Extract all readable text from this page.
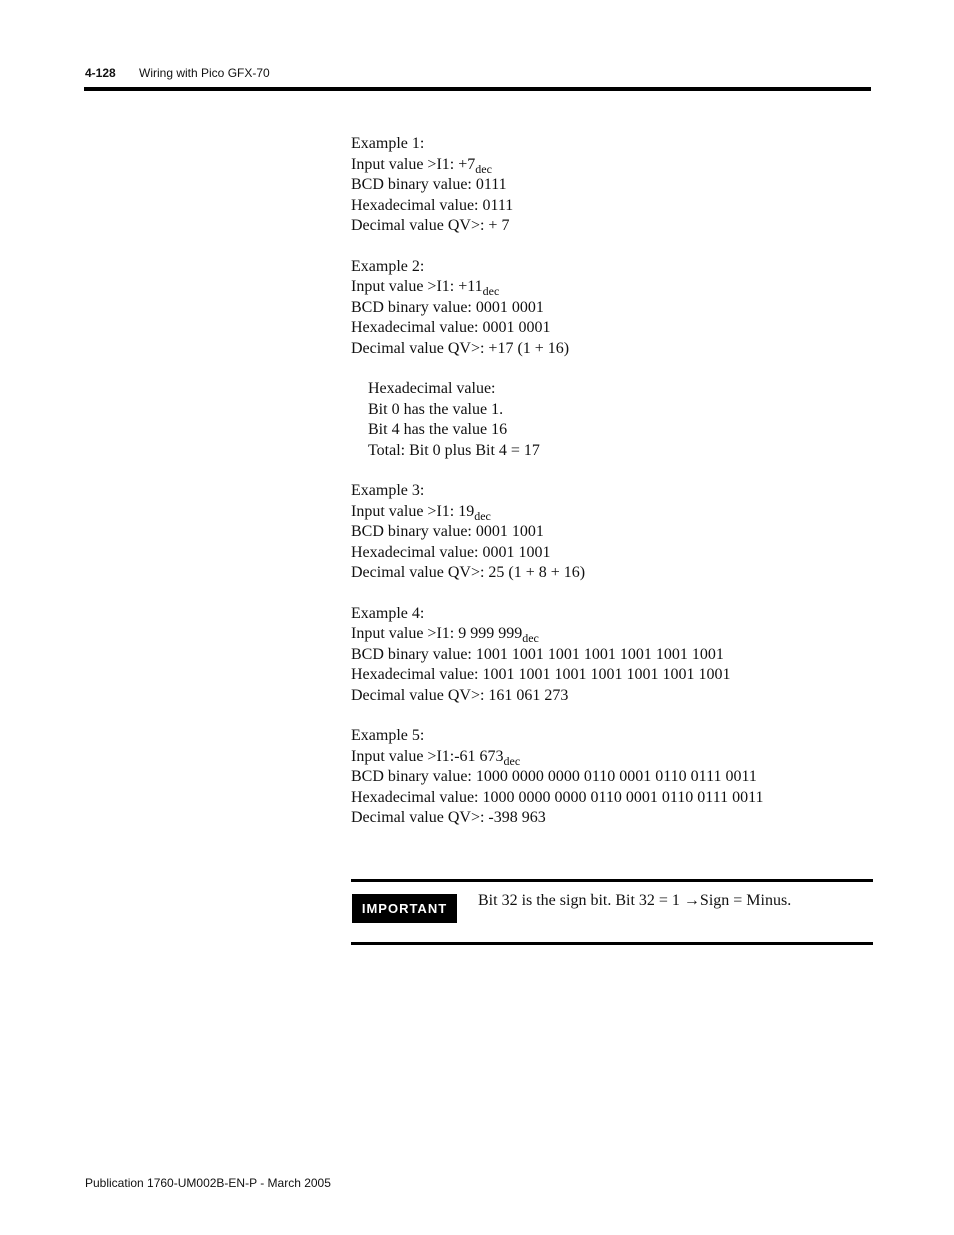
4-128 Wiring with Pico GFX-70
Example 1:
Input value >I1: $+7_{dec}$
BCD binary value: 0111
Hexadecimal value: 0111
Decimal value QV>: + 7
Example 2:
Input value >I1: $+11_{dec}$
BCD binary value: 0001 0001
Hexadecimal value: 0001 0001
Decimal value QV>: +17 (1 + 16)
Hexadecimal value:
Bit 0 has the value 1.
Bit 4 has the value 16
Total: Bit 0 plus Bit 4 = 17
Example 3:
Input value >I1: $19_{dec}$
BCD binary value: 0001 1001
Hexadecimal value: 0001 1001
Decimal value QV>: 25 (1 + 8 + 16)
Example 4:
Input value >I1: 9 999 $999_{dec}$
BCD binary value: 1001 1001 1001 1001 1001 1001 1001
Hexadecimal value: 1001 1001 1001 1001 1001 1001 1001
Decimal value QV>: 161 061 273
Example 5:
Input value >I1:-61 $673_{dec}$
BCD binary value: 1000 0000 0000 0110 0001 0110 0111 0011
Hexadecimal value: 1000 0000 0000 0110 0001 0110 0111 0011
Decimal value QV>: -398 963
IMPORTANT	Bit 32 is the sign bit. Bit 32 = 1 →Sign = Minus.
Publication 1760-UM002B-EN-P - March 2005
